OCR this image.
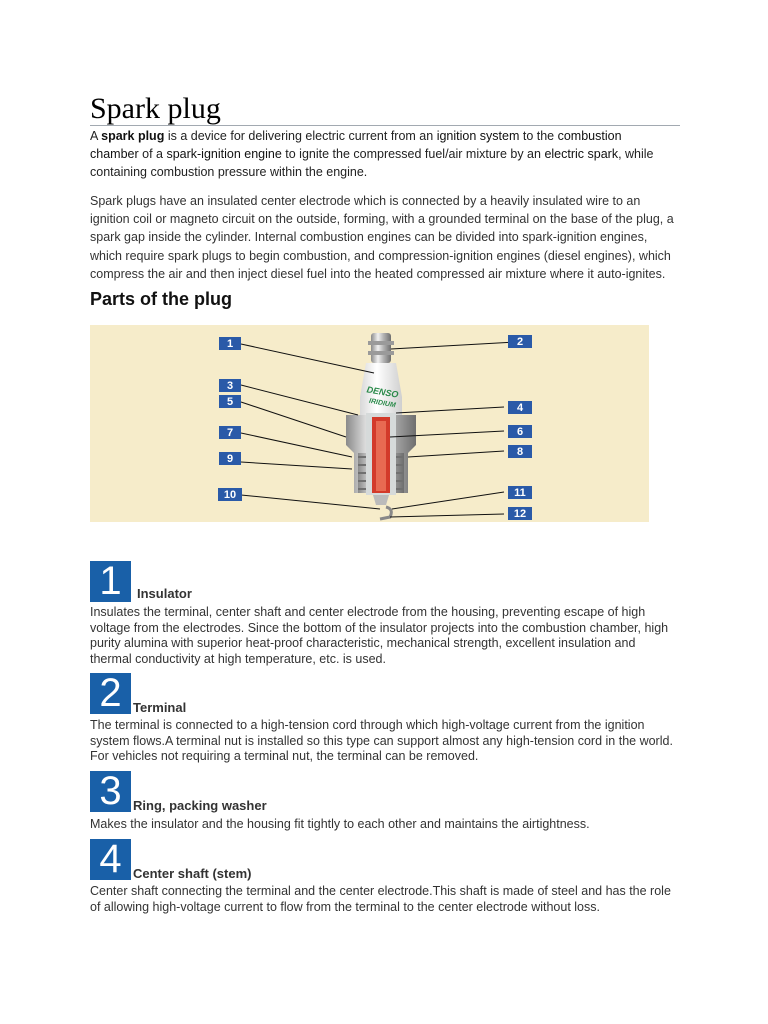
Spark plug

A spark plug is a device for delivering electric current from an ignition system to the combustion chamber of a spark-ignition engine to ignite the compressed fuel/air mixture by an electric spark, while containing combustion pressure within the engine.

Spark plugs have an insulated center electrode which is connected by a heavily insulated wire to an ignition coil or magneto circuit on the outside, forming, with a grounded terminal on the base of the plug, a spark gap inside the cylinder. Internal combustion engines can be divided into spark-ignition engines, which require spark plugs to begin combustion, and compression-ignition engines (diesel engines), which compress the air and then inject diesel fuel into the heated compressed air mixture where it auto-ignites.

Parts of the plug
DENSO
IRIDIUM
1	2
3
4
5
6
7
8
9
10	11
12
1	Insulator

Insulates the terminal, center shaft and center electrode from the housing, preventing escape of high voltage from the electrodes. Since the bottom of the insulator projects into the combustion chamber, high purity alumina with superior heat-proof characteristic, mechanical strength, excellent insulation and thermal conductivity at high temperature, etc. is used.

2 Terminal

The terminal is connected to a high-tension cord through which high-voltage current from the ignition system flows.A terminal nut is installed so this type can support almost any high-tension cord in the world. For vehicles not requiring a terminal nut, the terminal can be removed.

3 Ring, packing washer

Makes the insulator and the housing fit tightly to each other and maintains the airtightness.

4 Center shaft (stem)

Center shaft connecting the terminal and the center electrode.This shaft is made of steel and has the role of allowing high-voltage current to flow from the terminal to the center electrode without loss.
